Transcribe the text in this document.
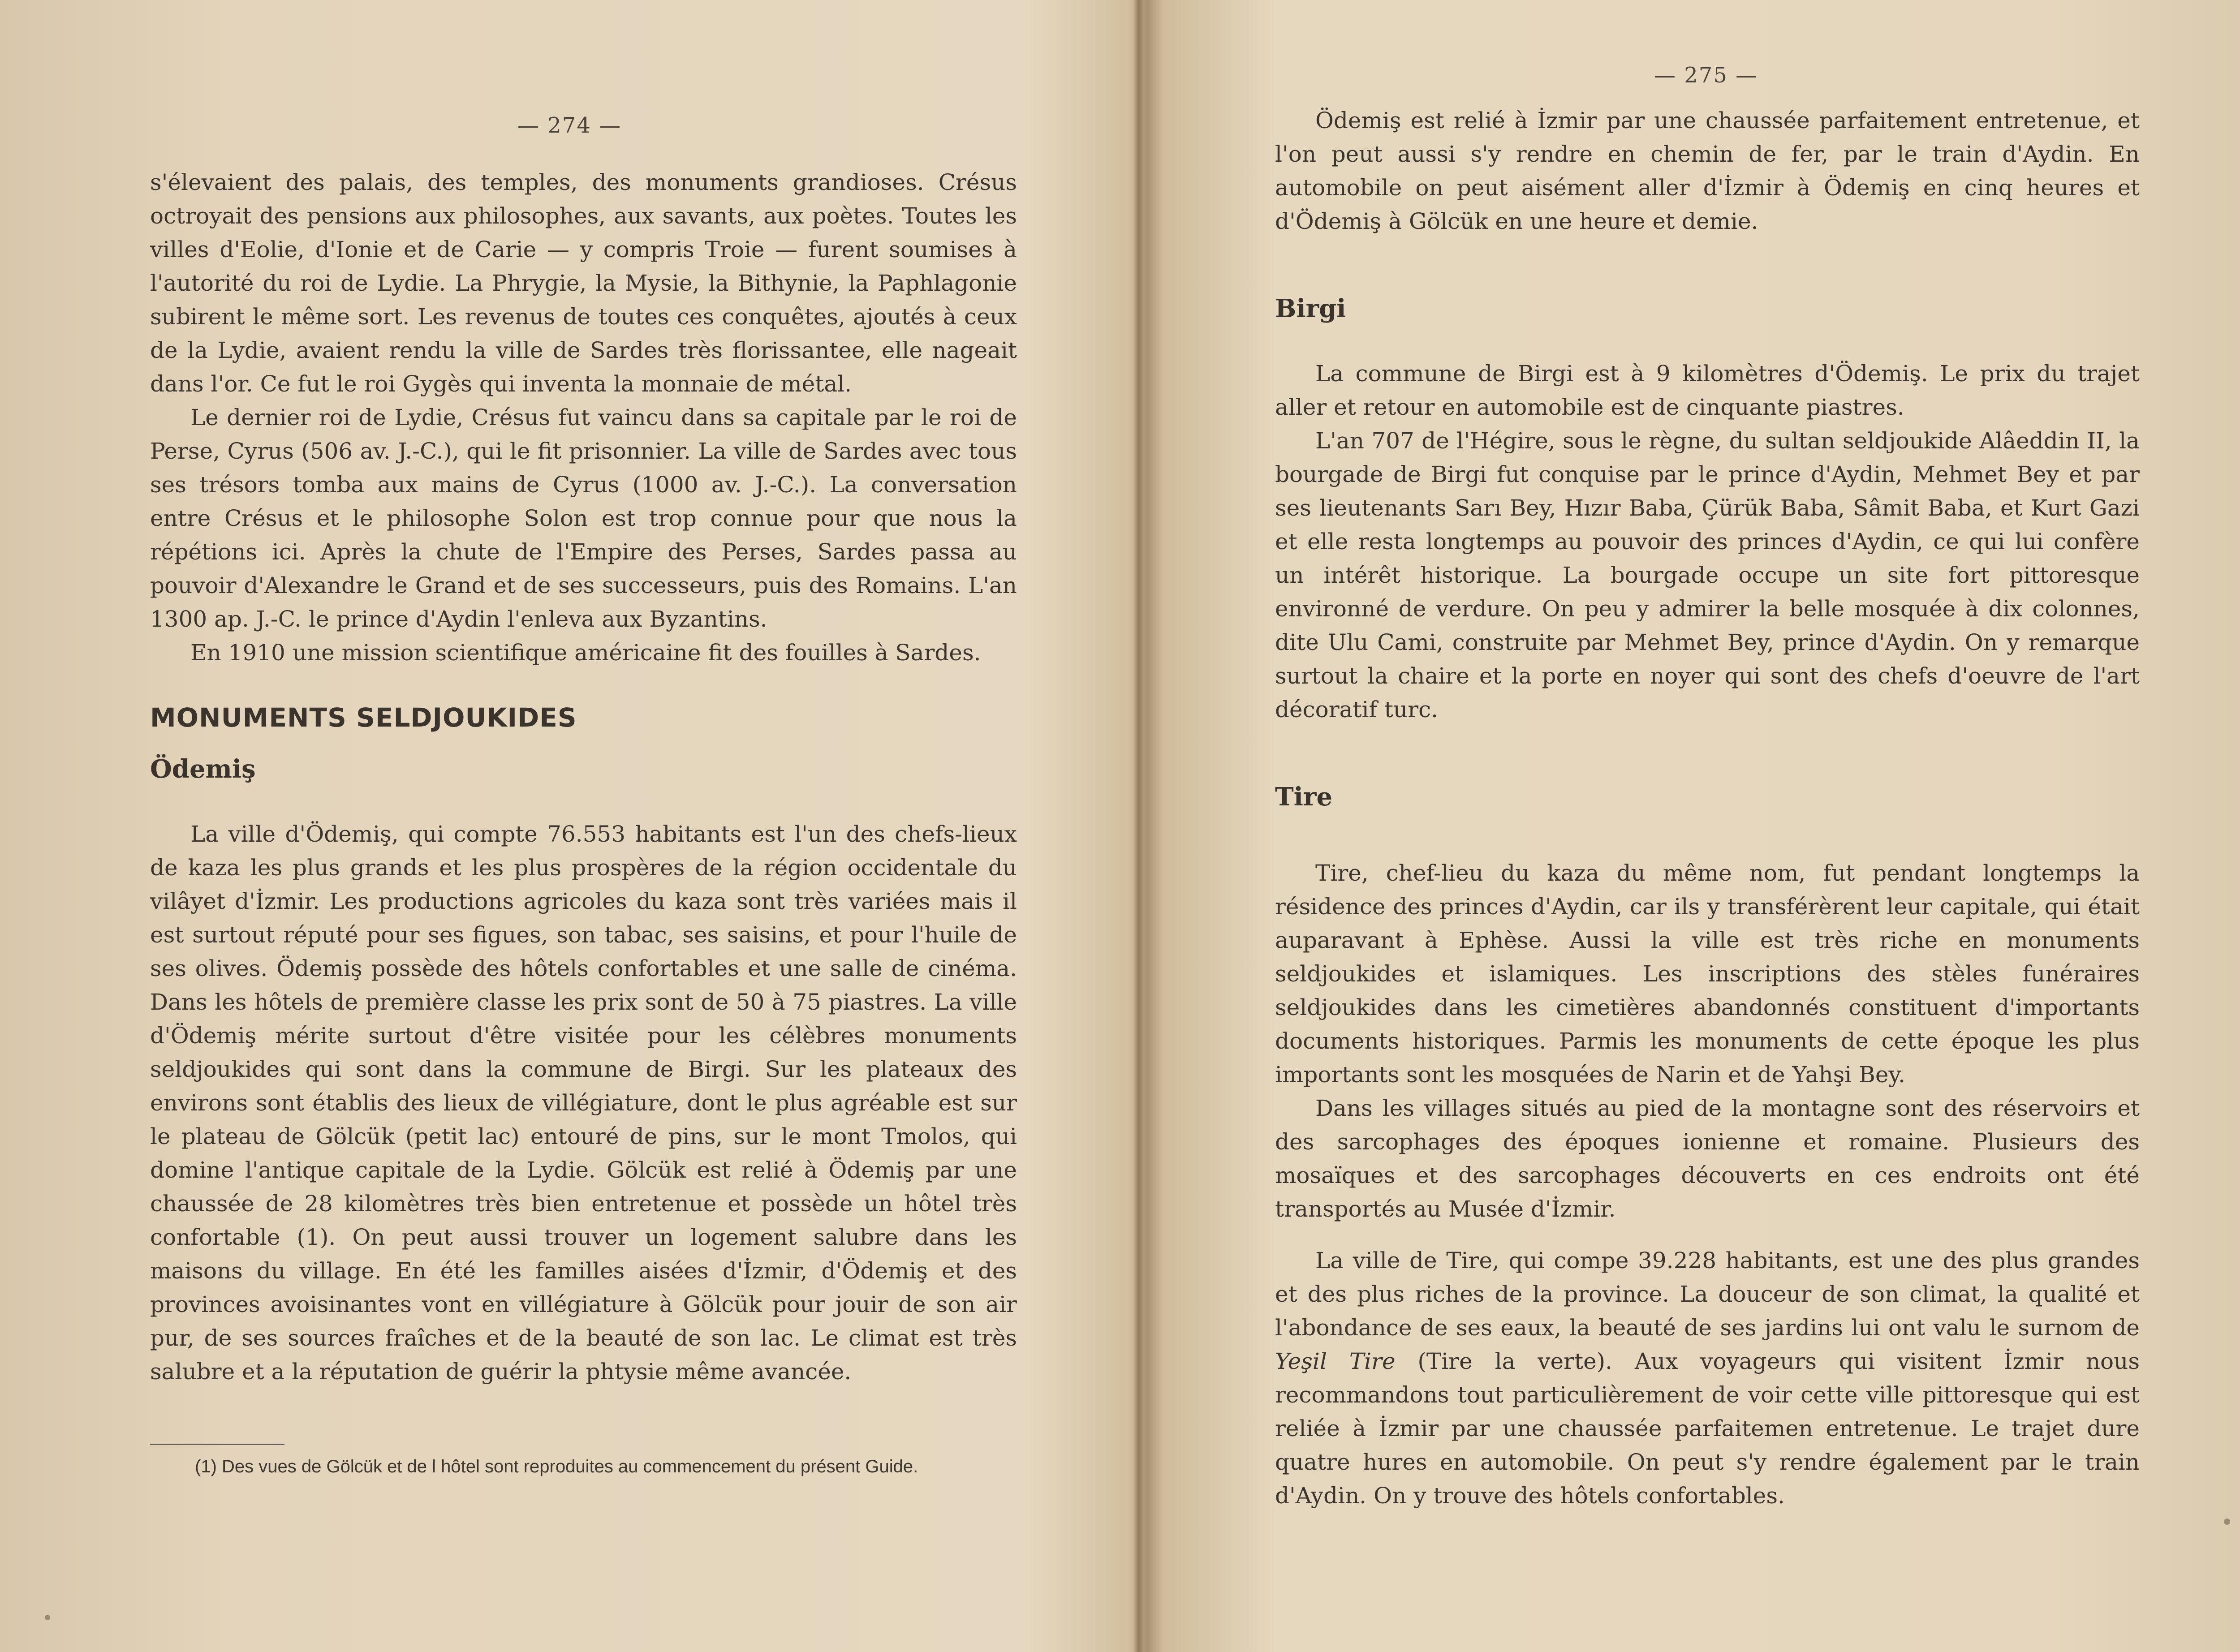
— 274 —

s'élevaient des palais, des temples, des monuments grandioses. Crésus octroyait des pensions aux philosophes, aux savants, aux poètes. Toutes les villes d'Eolie, d'Ionie et de Carie — y compris Troie — furent soumises à l'autorité du roi de Lydie. La Phrygie, la Mysie, la Bithynie, la Paphlagonie subirent le même sort. Les revenus de toutes ces conquêtes, ajoutés à ceux de la Lydie, avaient rendu la ville de Sardes très florissantee, elle nageait dans l'or. Ce fut le roi Gygès qui inventa la monnaie de métal.

Le dernier roi de Lydie, Crésus fut vaincu dans sa capitale par le roi de Perse, Cyrus (506 av. J.-C.), qui le fit prisonnier. La ville de Sardes avec tous ses trésors tomba aux mains de Cyrus (1000 av. J.-C.). La conversation entre Crésus et le philosophe Solon est trop connue pour que nous la répétions ici. Après la chute de l'Empire des Perses, Sardes passa au pouvoir d'Alexandre le Grand et de ses successeurs, puis des Romains. L'an 1300 ap. J.-C. le prince d'Aydin l'enleva aux Byzantins.

En 1910 une mission scientifique américaine fit des fouilles à Sardes.

MONUMENTS SELDJOUKIDES
Ödemiş

La ville d'Ödemiş, qui compte 76.553 habitants est l'un des chefs-lieux de kaza les plus grands et les plus prospères de la région occidentale du vilâyet d'İzmir. Les productions agricoles du kaza sont très variées mais il est surtout réputé pour ses figues, son tabac, ses saisins, et pour l'huile de ses olives. Ödemiş possède des hôtels confortables et une salle de cinéma. Dans les hôtels de première classe les prix sont de 50 à 75 piastres. La ville d'Ödemiş mérite surtout d'être visitée pour les célèbres monuments seldjoukides qui sont dans la commune de Birgi. Sur les plateaux des environs sont établis des lieux de villégiature, dont le plus agréable est sur le plateau de Gölcük (petit lac) entouré de pins, sur le mont Tmolos, qui domine l'antique capitale de la Lydie. Gölcük est relié à Ödemiş par une chaussée de 28 kilomètres très bien entretenue et possède un hôtel très confortable (1). On peut aussi trouver un logement salubre dans les maisons du village. En été les familles aisées d'İzmir, d'Ödemiş et des provinces avoisinantes vont en villégiature à Gölcük pour jouir de son air pur, de ses sources fraîches et de la beauté de son lac. Le climat est très salubre et a la réputation de guérir la phtysie même avancée.

(1) Des vues de Gölcük et de l hôtel sont reproduites au commencement du présent Guide.
— 275 —

Ödemiş est relié à İzmir par une chaussée parfaitement entretenue, et l'on peut aussi s'y rendre en chemin de fer, par le train d'Aydin. En automobile on peut aisément aller d'İzmir à Ödemiş en cinq heures et d'Ödemiş à Gölcük en une heure et demie.

Birgi

La commune de Birgi est à 9 kilomètres d'Ödemiş. Le prix du trajet aller et retour en automobile est de cinquante piastres.

L'an 707 de l'Hégire, sous le règne, du sultan seldjoukide Alâeddin II, la bourgade de Birgi fut conquise par le prince d'Aydin, Mehmet Bey et par ses lieutenants Sarı Bey, Hızır Baba, Çürük Baba, Sâmit Baba, et Kurt Gazi et elle resta longtemps au pouvoir des princes d'Aydin, ce qui lui confère un intérêt historique. La bourgade occupe un site fort pittoresque environné de verdure. On peu y admirer la belle mosquée à dix colonnes, dite Ulu Cami, construite par Mehmet Bey, prince d'Aydin. On y remarque surtout la chaire et la porte en noyer qui sont des chefs d'oeuvre de l'art décoratif turc.

Tire

Tire, chef-lieu du kaza du même nom, fut pendant longtemps la résidence des princes d'Aydin, car ils y transférèrent leur capitale, qui était auparavant à Ephèse. Aussi la ville est très riche en monuments seldjoukides et islamiques. Les inscriptions des stèles funéraires seldjoukides dans les cimetières abandonnés constituent d'importants documents historiques. Parmis les monuments de cette époque les plus importants sont les mosquées de Narin et de Yahşi Bey.

Dans les villages situés au pied de la montagne sont des réservoirs et des sarcophages des époques ionienne et romaine. Plusieurs des mosaïques et des sarcophages découverts en ces endroits ont été transportés au Musée d'İzmir.

La ville de Tire, qui compe 39.228 habitants, est une des plus grandes et des plus riches de la province. La douceur de son climat, la qualité et l'abondance de ses eaux, la beauté de ses jardins lui ont valu le surnom de Yeşil Tire (Tire la verte). Aux voyageurs qui visitent İzmir nous recommandons tout particulièrement de voir cette ville pittoresque qui est reliée à İzmir par une chaussée parfaitemen entretenue. Le trajet dure quatre hures en automobile. On peut s'y rendre également par le train d'Aydin. On y trouve des hôtels confortables.
